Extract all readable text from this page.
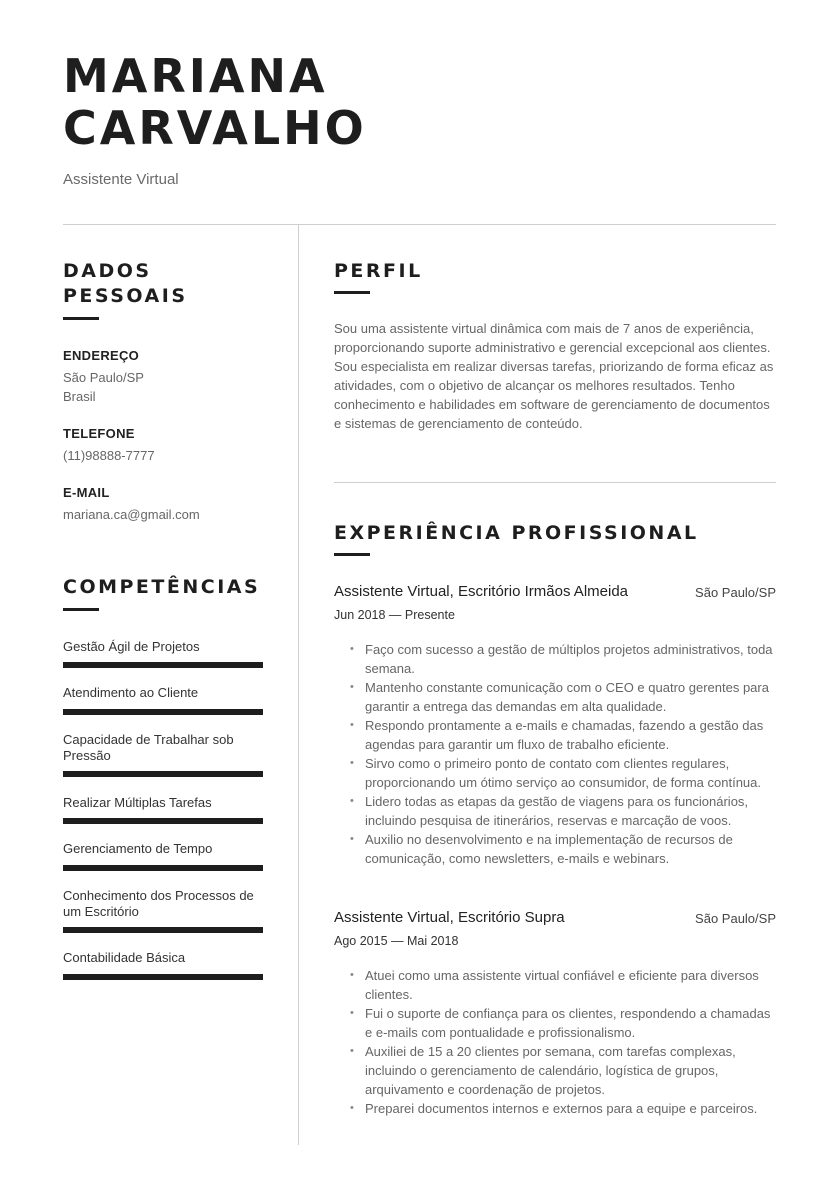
MARIANA
CARVALHO
Assistente Virtual
DADOS
PESSOAIS
ENDEREÇO
São Paulo/SP
Brasil
TELEFONE
(11)98888-7777
E-MAIL
mariana.ca@gmail.com
COMPETÊNCIAS
Gestão Ágil de Projetos
Atendimento ao Cliente
Capacidade de Trabalhar sob Pressão
Realizar Múltiplas Tarefas
Gerenciamento de Tempo
Conhecimento dos Processos de um Escritório
Contabilidade Básica
PERFIL

Sou uma assistente virtual dinâmica com mais de 7 anos de experiência, proporcionando suporte administrativo e gerencial excepcional aos clientes. Sou especialista em realizar diversas tarefas, priorizando de forma eficaz as atividades, com o objetivo de alcançar os melhores resultados. Tenho conhecimento e habilidades em software de gerenciamento de documentos e sistemas de gerenciamento de conteúdo.

EXPERIÊNCIA PROFISSIONAL
Assistente Virtual, Escritório Irmãos Almeida	São Paulo/SP
Jun 2018 — Presente
• Faço com sucesso a gestão de múltiplos projetos administrativos, toda semana.
• Mantenho constante comunicação com o CEO e quatro gerentes para garantir a entrega das demandas em alta qualidade.
• Respondo prontamente a e-mails e chamadas, fazendo a gestão das agendas para garantir um fluxo de trabalho eficiente.
• Sirvo como o primeiro ponto de contato com clientes regulares, proporcionando um ótimo serviço ao consumidor, de forma contínua.
• Lidero todas as etapas da gestão de viagens para os funcionários, incluindo pesquisa de itinerários, reservas e marcação de voos.
• Auxilio no desenvolvimento e na implementação de recursos de comunicação, como newsletters, e-mails e webinars.
Assistente Virtual, Escritório Supra	São Paulo/SP
Ago 2015 — Mai 2018
• Atuei como uma assistente virtual confiável e eficiente para diversos clientes.
• Fui o suporte de confiança para os clientes, respondendo a chamadas e e-mails com pontualidade e profissionalismo.
• Auxiliei de 15 a 20 clientes por semana, com tarefas complexas, incluindo o gerenciamento de calendário, logística de grupos, arquivamento e coordenação de projetos.
• Preparei documentos internos e externos para a equipe e parceiros.
